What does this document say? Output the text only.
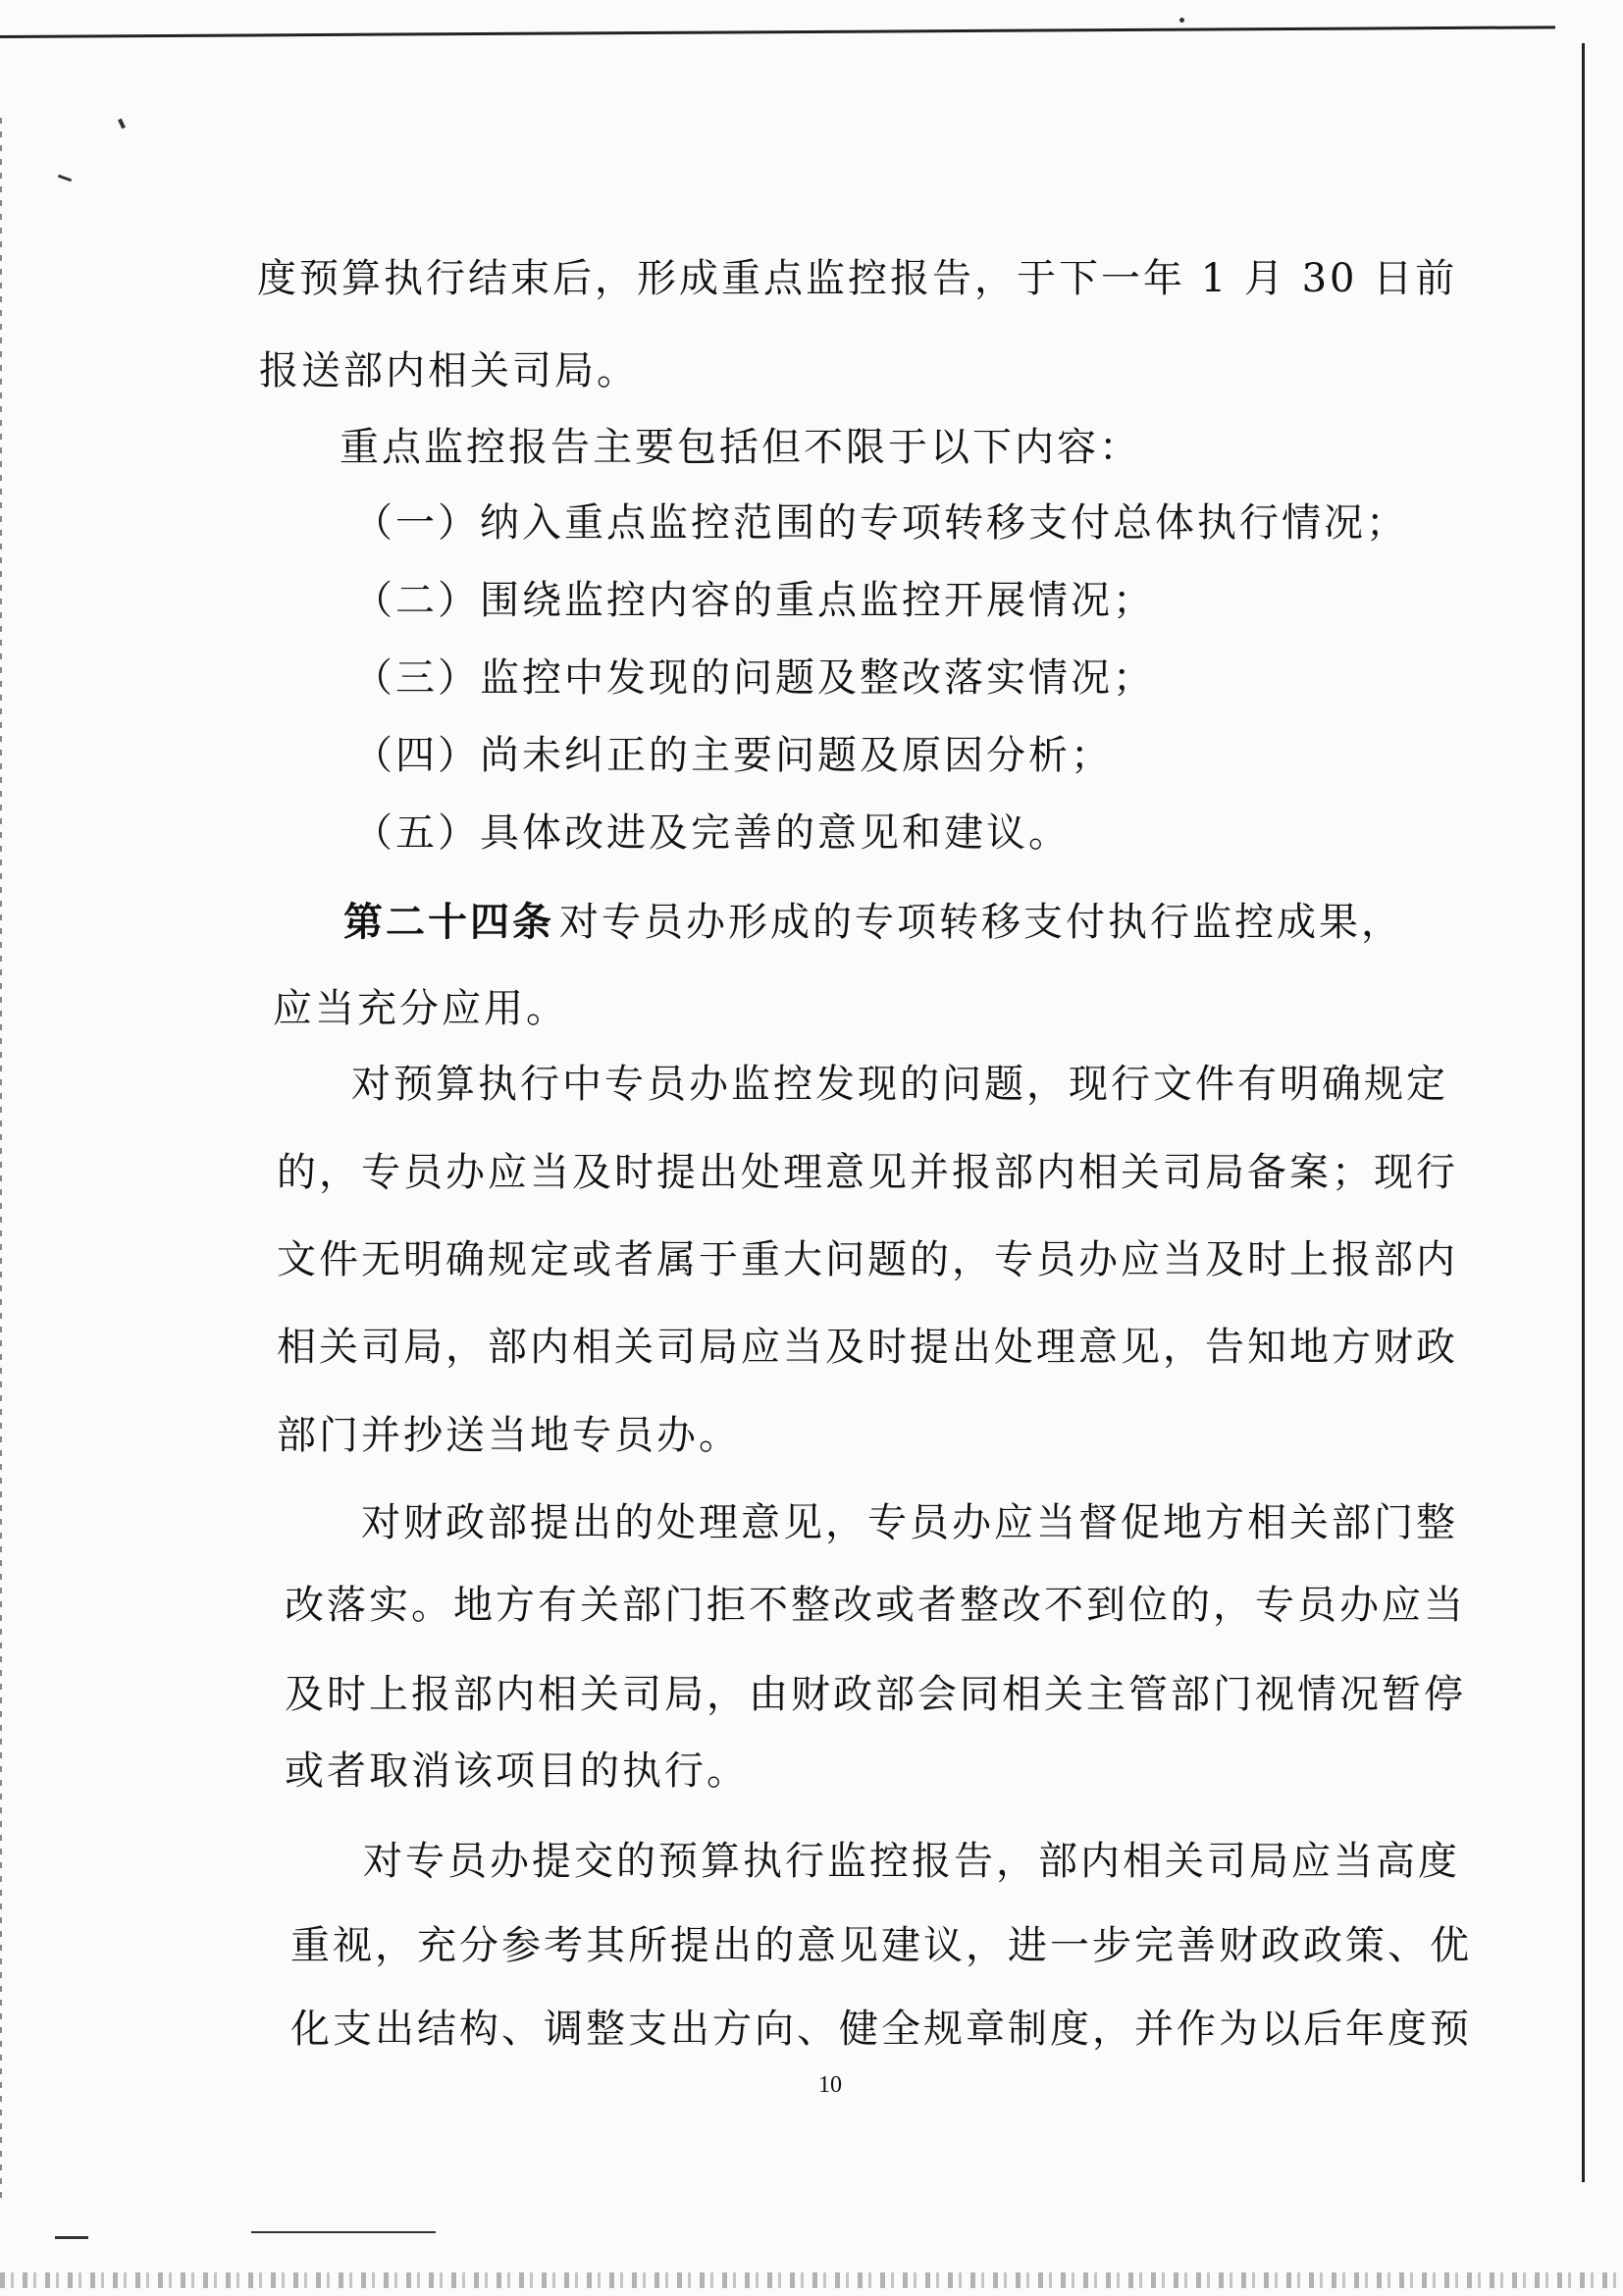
度预算执行结束后，形成重点监控报告，于下一年 1 月 30 日前
报送部内相关司局。
重点监控报告主要包括但不限于以下内容：
（一）纳入重点监控范围的专项转移支付总体执行情况；
（二）围绕监控内容的重点监控开展情况；
（三）监控中发现的问题及整改落实情况；
（四）尚未纠正的主要问题及原因分析；
（五）具体改进及完善的意见和建议。
第二十四条 对专员办形成的专项转移支付执行监控成果，
应当充分应用。
对预算执行中专员办监控发现的问题，现行文件有明确规定
的，专员办应当及时提出处理意见并报部内相关司局备案；现行
文件无明确规定或者属于重大问题的，专员办应当及时上报部内
相关司局，部内相关司局应当及时提出处理意见，告知地方财政
部门并抄送当地专员办。
对财政部提出的处理意见，专员办应当督促地方相关部门整
改落实。地方有关部门拒不整改或者整改不到位的，专员办应当
及时上报部内相关司局，由财政部会同相关主管部门视情况暂停
或者取消该项目的执行。
对专员办提交的预算执行监控报告，部内相关司局应当高度
重视，充分参考其所提出的意见建议，进一步完善财政政策、优
化支出结构、调整支出方向、健全规章制度，并作为以后年度预
10
